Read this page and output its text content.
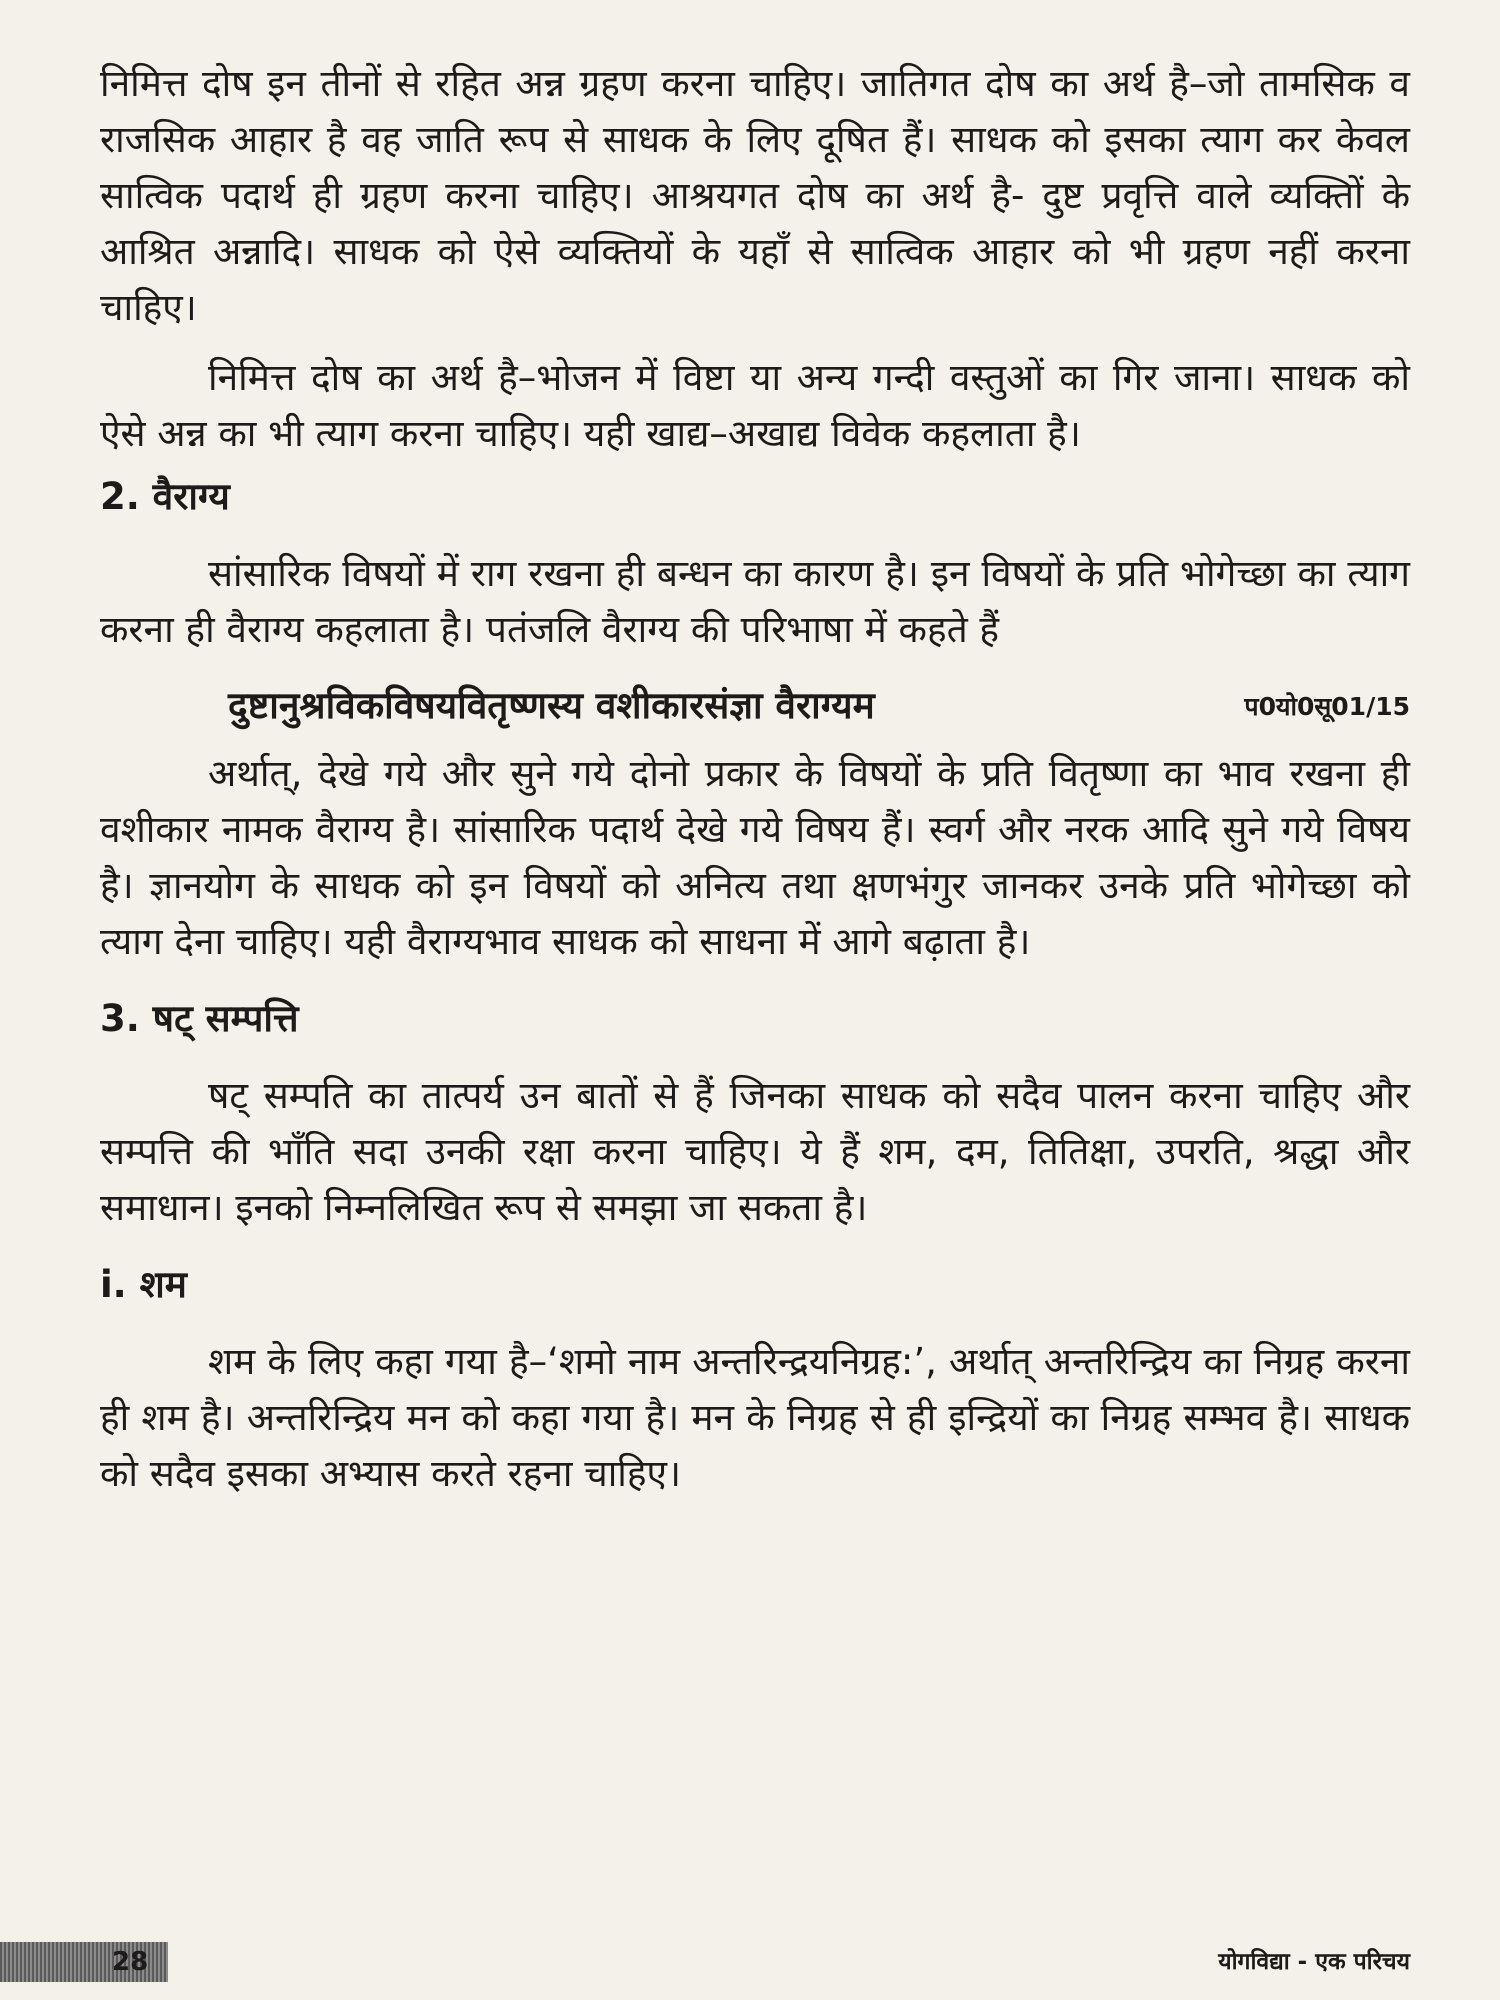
निमित्त दोष इन तीनों से रहित अन्न ग्रहण करना चाहिए। जातिगत दोष का अर्थ है–जो तामसिक व राजसिक आहार है वह जाति रूप से साधक के लिए दूषित हैं। साधक को इसका त्याग कर केवल सात्विक पदार्थ ही ग्रहण करना चाहिए। आश्रयगत दोष का अर्थ है- दुष्ट प्रवृत्ति वाले व्यक्तिों के आश्रित अन्नादि। साधक को ऐसे व्यक्तियों के यहाँ से सात्विक आहार को भी ग्रहण नहीं करना चाहिए।

निमित्त दोष का अर्थ है–भोजन में विष्टा या अन्य गन्दी वस्तुओं का गिर जाना। साधक को ऐसे अन्न का भी त्याग करना चाहिए। यही खाद्य–अखाद्य विवेक कहलाता है।

2. वैराग्य

सांसारिक विषयों में राग रखना ही बन्धन का कारण है। इन विषयों के प्रति भोगेच्छा का त्याग करना ही वैराग्य कहलाता है। पतंजलि वैराग्य की परिभाषा में कहते हैं

दुष्टानुश्रविकविषयवितृष्णस्य वशीकारसंज्ञा वैराग्यम	प0यो0सू01/15

अर्थात्, देखे गये और सुने गये दोनो प्रकार के विषयों के प्रति वितृष्णा का भाव रखना ही वशीकार नामक वैराग्य है। सांसारिक पदार्थ देखे गये विषय हैं। स्वर्ग और नरक आदि सुने गये विषय है। ज्ञानयोग के साधक को इन विषयों को अनित्य तथा क्षणभंगुर जानकर उनके प्रति भोगेच्छा को त्याग देना चाहिए। यही वैराग्यभाव साधक को साधना में आगे बढ़ाता है।

3. षट् सम्पत्ति

षट् सम्पति का तात्पर्य उन बातों से हैं जिनका साधक को सदैव पालन करना चाहिए और सम्पत्ति की भाँति सदा उनकी रक्षा करना चाहिए। ये हैं शम, दम, तितिक्षा, उपरति, श्रद्धा और समाधान। इनको निम्नलिखित रूप से समझा जा सकता है।

i. शम

शम के लिए कहा गया है–‘शमो नाम अन्तरिन्द्रयनिग्रह:’, अर्थात् अन्तरिन्द्रिय का निग्रह करना ही शम है। अन्तरिन्द्रिय मन को कहा गया है। मन के निग्रह से ही इन्द्रियों का निग्रह सम्भव है। साधक को सदैव इसका अभ्यास करते रहना चाहिए।

28	योगविद्या - एक परिचय
